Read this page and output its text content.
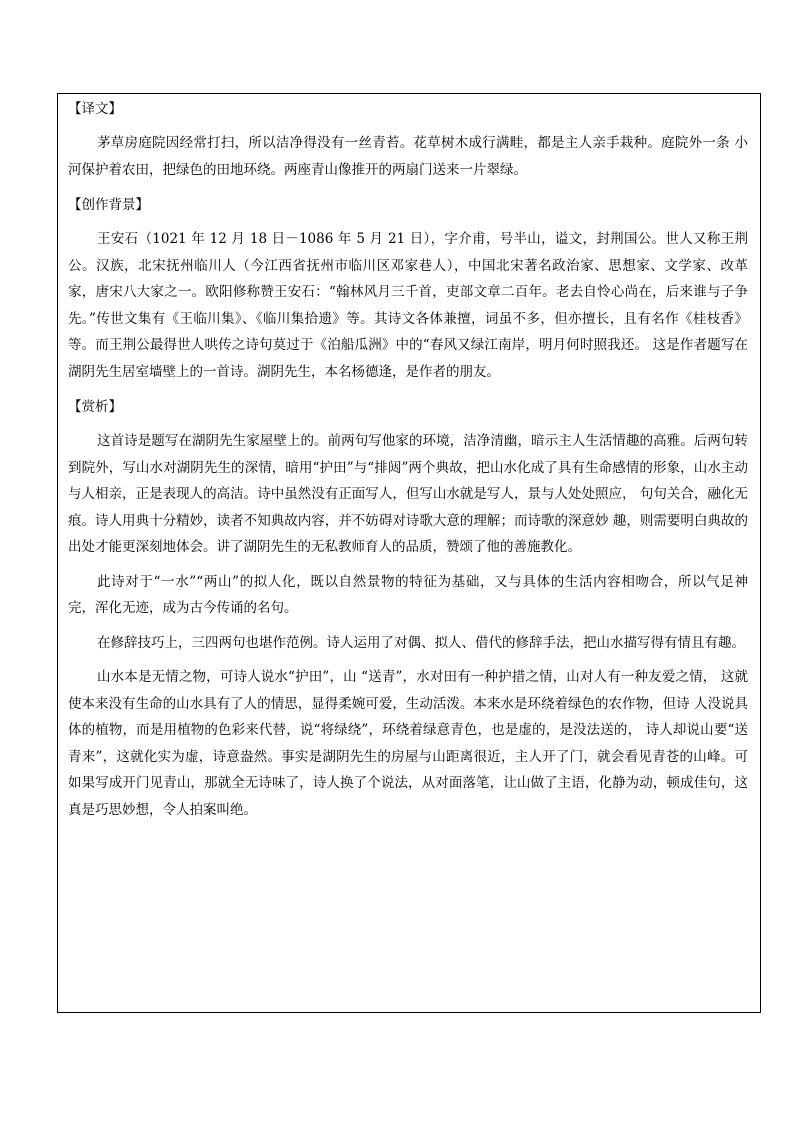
【译文】

茅草房庭院因经常打扫，所以洁净得没有一丝青苔。花草树木成行满畦，都是主人亲手栽种。庭院外一条 小河保护着农田，把绿色的田地环绕。两座青山像推开的两扇门送来一片翠绿。

【创作背景】

王安石（1021 年 12 月 18 日－1086 年 5 月 21 日），字介甫，号半山，谥文，封荆国公。世人又称王荆公。汉族，北宋抚州临川人（今江西省抚州市临川区邓家巷人），中国北宋著名政治家、思想家、文学家、改革家，唐宋八大家之一。欧阳修称赞王安石：“翰林风月三千首，吏部文章二百年。老去自怜心尚在，后来谁与子争先。”传世文集有《王临川集》、《临川集拾遗》等。其诗文各体兼擅，词虽不多，但亦擅长，且有名作《桂枝香》等。而王荆公最得世人哄传之诗句莫过于《泊船瓜洲》中的“春风又绿江南岸，明月何时照我还。 这是作者题写在湖阴先生居室墙壁上的一首诗。湖阴先生，本名杨德逢，是作者的朋友。

【赏析】

这首诗是题写在湖阴先生家屋壁上的。前两句写他家的环境，洁净清幽，暗示主人生活情趣的高雅。后两句转到院外，写山水对湖阴先生的深情，暗用“护田”与“排闼”两个典故，把山水化成了具有生命感情的形象，山水主动与人相亲，正是表现人的高洁。诗中虽然没有正面写人，但写山水就是写人，景与人处处照应， 句句关合，融化无痕。诗人用典十分精妙，读者不知典故内容，并不妨碍对诗歌大意的理解；而诗歌的深意妙 趣，则需要明白典故的出处才能更深刻地体会。讲了湖阴先生的无私教师育人的品质，赞颂了他的善施教化。

此诗对于“一水”“两山”的拟人化，既以自然景物的特征为基础，又与具体的生活内容相吻合，所以气足神 完，浑化无迹，成为古今传诵的名句。

在修辞技巧上，三四两句也堪作范例。诗人运用了对偶、拟人、借代的修辞手法，把山水描写得有情且有趣。

山水本是无情之物，可诗人说水“护田”，山 “送青”，水对田有一种护措之情，山对人有一种友爱之情， 这就使本来没有生命的山水具有了人的情思，显得柔婉可爱，生动活泼。本来水是环绕着绿色的农作物，但诗 人没说具体的植物，而是用植物的色彩来代替，说“将绿绕”，环绕着绿意青色，也是虚的，是没法送的， 诗人却说山要“送青来”，这就化实为虚，诗意盎然。事实是湖阴先生的房屋与山距离很近，主人开了门，就会看见青苍的山峰。可如果写成开门见青山，那就全无诗味了，诗人换了个说法，从对面落笔，让山做了主语，化静为动，顿成佳句，这真是巧思妙想，令人拍案叫绝。
